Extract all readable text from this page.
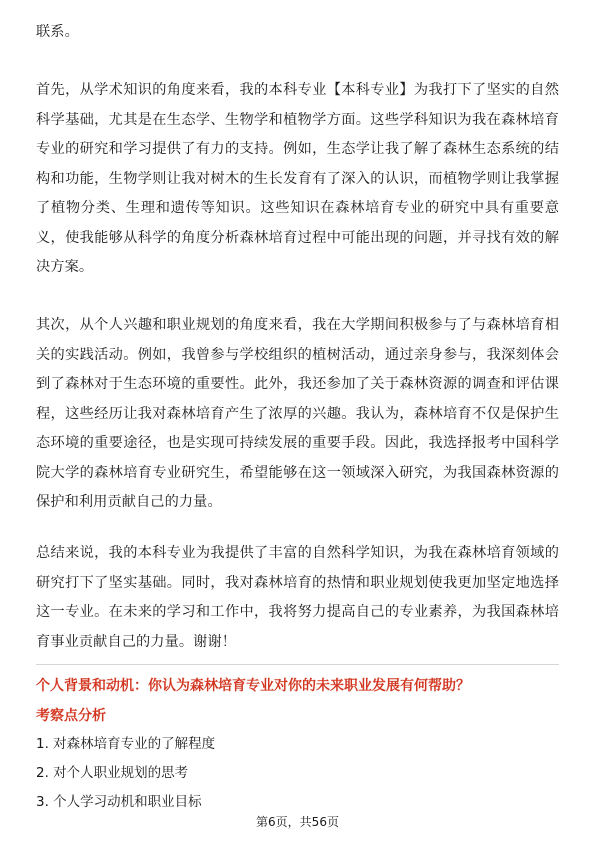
联系。

首先，从学术知识的角度来看，我的本科专业【本科专业】为我打下了坚实的自然科学基础，尤其是在生态学、生物学和植物学方面。这些学科知识为我在森林培育专业的研究和学习提供了有力的支持。例如，生态学让我了解了森林生态系统的结构和功能，生物学则让我对树木的生长发育有了深入的认识，而植物学则让我掌握了植物分类、生理和遗传等知识。这些知识在森林培育专业的研究中具有重要意义，使我能够从科学的角度分析森林培育过程中可能出现的问题，并寻找有效的解决方案。

其次，从个人兴趣和职业规划的角度来看，我在大学期间积极参与了与森林培育相关的实践活动。例如，我曾参与学校组织的植树活动，通过亲身参与，我深刻体会到了森林对于生态环境的重要性。此外，我还参加了关于森林资源的调查和评估课程，这些经历让我对森林培育产生了浓厚的兴趣。我认为，森林培育不仅是保护生态环境的重要途径，也是实现可持续发展的重要手段。因此，我选择报考中国科学院大学的森林培育专业研究生，希望能够在这一领域深入研究，为我国森林资源的保护和利用贡献自己的力量。

总结来说，我的本科专业为我提供了丰富的自然科学知识，为我在森林培育领域的研究打下了坚实基础。同时，我对森林培育的热情和职业规划使我更加坚定地选择这一专业。在未来的学习和工作中，我将努力提高自己的专业素养，为我国森林培育事业贡献自己的力量。谢谢！

个人背景和动机：你认为森林培育专业对你的未来职业发展有何帮助？
考察点分析
1. 对森林培育专业的了解程度
2. 对个人职业规划的思考
3. 个人学习动机和职业目标
第6页，共56页
